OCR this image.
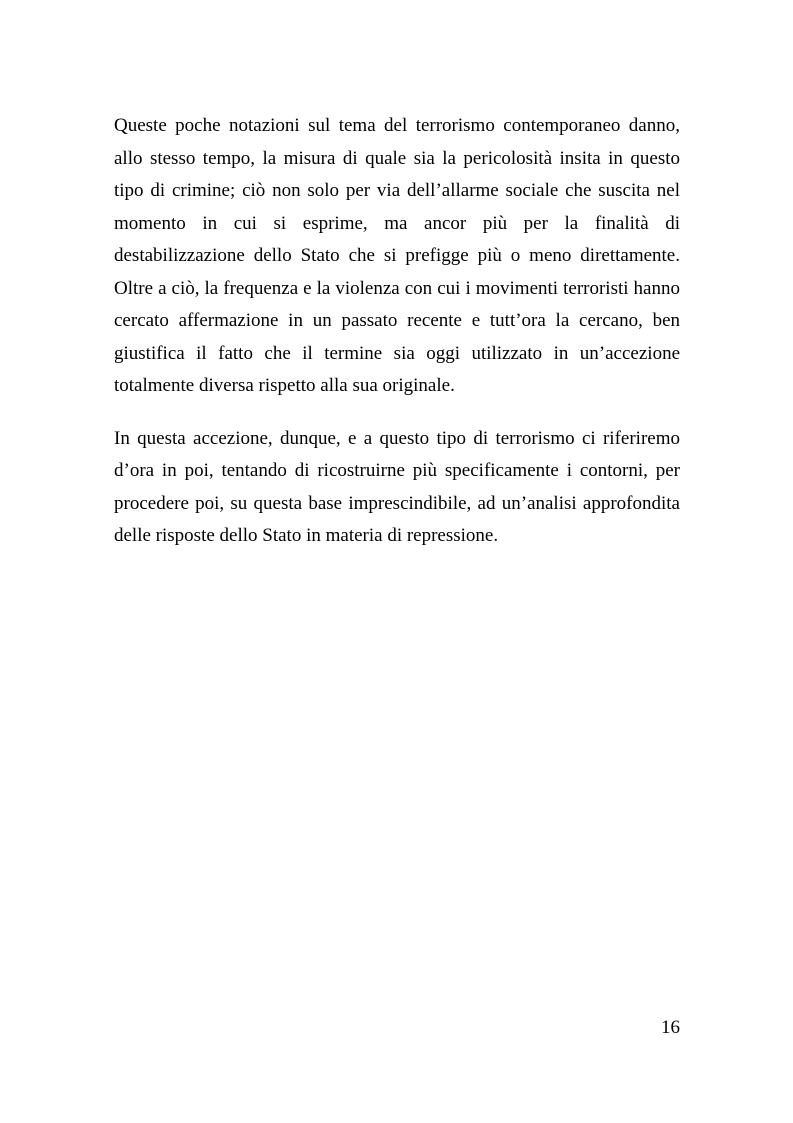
Queste poche notazioni sul tema del terrorismo contemporaneo danno, allo stesso tempo, la misura di quale sia la pericolosità insita in questo tipo di crimine; ciò non solo per via dell’allarme sociale che suscita nel momento in cui si esprime, ma ancor più per la finalità di destabilizzazione dello Stato che si prefigge più o meno direttamente. Oltre a ciò, la frequenza e la violenza con cui i movimenti terroristi hanno cercato affermazione in un passato recente e tutt’ora la cercano, ben giustifica il fatto che il termine sia oggi utilizzato in un’accezione totalmente diversa rispetto alla sua originale.

In questa accezione, dunque, e a questo tipo di terrorismo ci riferiremo d’ora in poi, tentando di ricostruirne più specificamente i contorni, per procedere poi, su questa base imprescindibile, ad un’analisi approfondita delle risposte dello Stato in materia di repressione.

16
